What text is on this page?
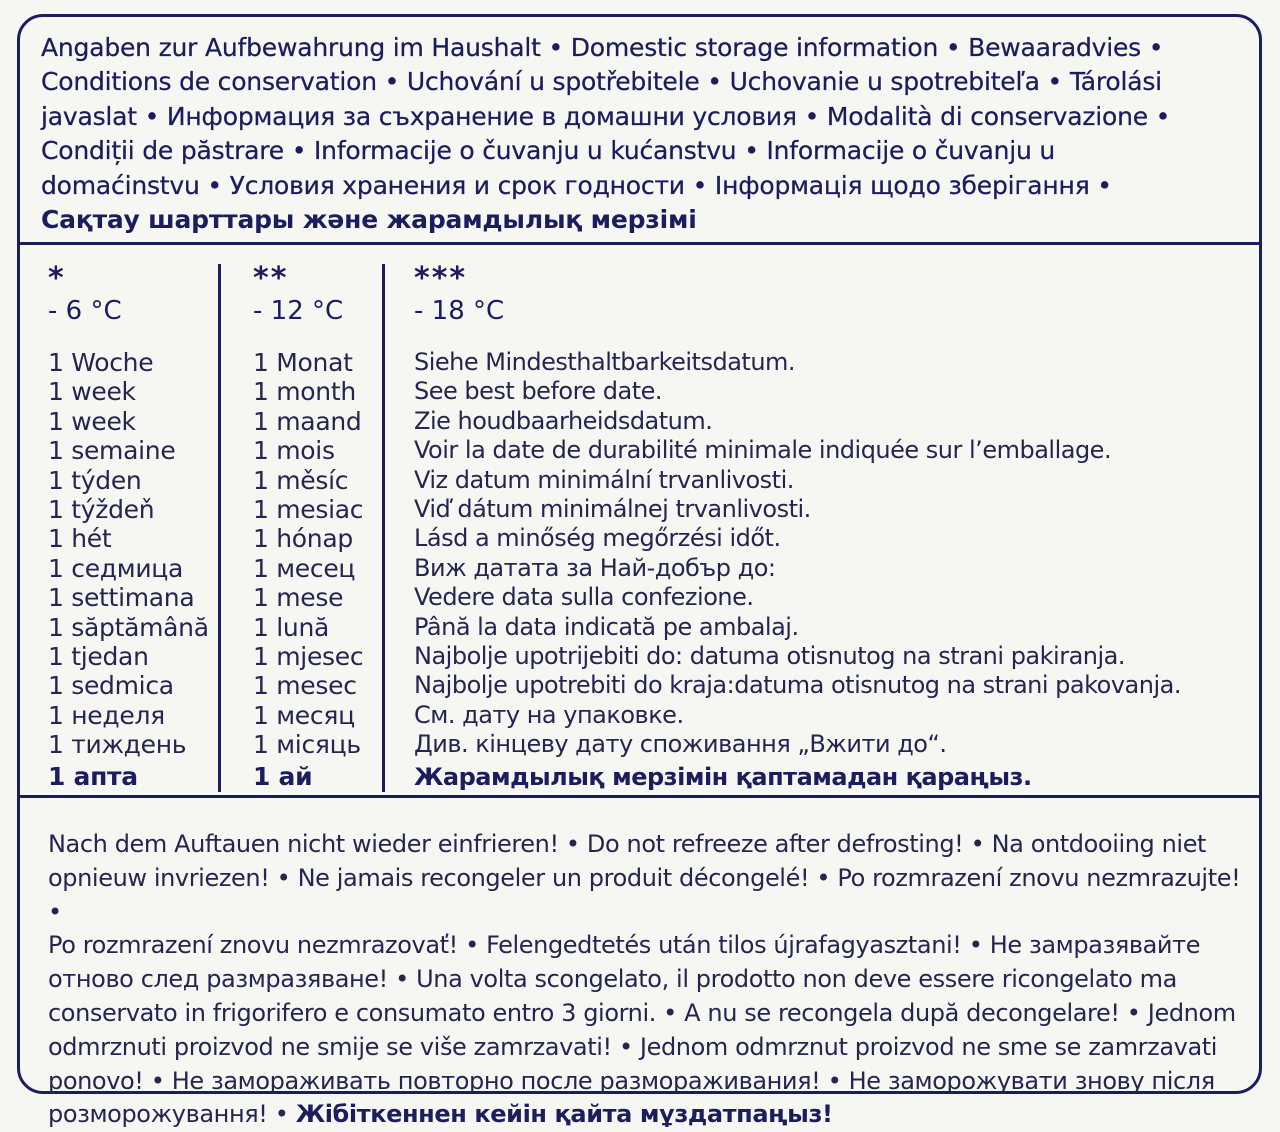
Angaben zur Aufbewahrung im Haushalt • Domestic storage information • Bewaaradvies •

Conditions de conservation • Uchování u spotřebitele • Uchovanie u spotrebiteľa • Tárolási

javaslat • Информация за съхранение в домашни условия • Modalità di conservazione •

Condiții de păstrare • Informacije o čuvanju u kućanstvu • Informacije o čuvanju u

domaćinstvu • Условия хранения и срок годности • Інформація щодо зберігання •

Сақтау шарттары және жарамдылық мерзімі

*
- 6 °C
1 Woche
1 week
1 week
1 semaine
1 týden
1 týždeň
1 hét
1 седмица
1 settimana
1 săptămână
1 tjedan
1 sedmica
1 неделя
1 тиждень
1 апта
**
- 12 °C
1 Monat
1 month
1 maand
1 mois
1 měsíc
1 mesiac
1 hónap
1 месец
1 mese
1 lună
1 mjesec
1 mesec
1 месяц
1 місяць
1 ай
***
- 18 °C
Siehe Mindesthaltbarkeitsdatum.
See best before date.
Zie houdbaarheidsdatum.
Voir la date de durabilité minimale indiquée sur l’emballage.
Viz datum minimální trvanlivosti.
Viď dátum minimálnej trvanlivosti.
Lásd a minőség megőrzési időt.
Виж датата за Най-добър до:
Vedere data sulla confezione.
Până la data indicată pe ambalaj.
Najbolje upotrijebiti do: datuma otisnutog na strani pakiranja.
Najbolje upotrebiti do kraja:datuma otisnutog na strani pakovanja.
См. дату на упаковке.
Див. кінцеву дату споживання „Вжити до“.
Жарамдылық мерзімін қаптамадан қараңыз.

Nach dem Auftauen nicht wieder einfrieren! • Do not refreeze after defrosting! • Na ontdooiing niet

opnieuw invriezen! • Ne jamais recongeler un produit décongelé! • Po rozmrazení znovu nezmrazujte! •

Po rozmrazení znovu nezmrazovať! • Felengedtetés után tilos újrafagyasztani! • Не замразявайте

отново след размразяване! • Una volta scongelato, il prodotto non deve essere ricongelato ma

conservato in frigorifero e consumato entro 3 giorni. • A nu se recongela după decongelare! • Jednom

odmrznuti proizvod ne smije se više zamrzavati! • Jednom odmrznut proizvod ne sme se zamrzavati

ponovo! • Не замораживать повторно после размораживания! • Не заморожувати знову після

розморожування! • Жібіткеннен кейін қайта мұздатпаңыз!
